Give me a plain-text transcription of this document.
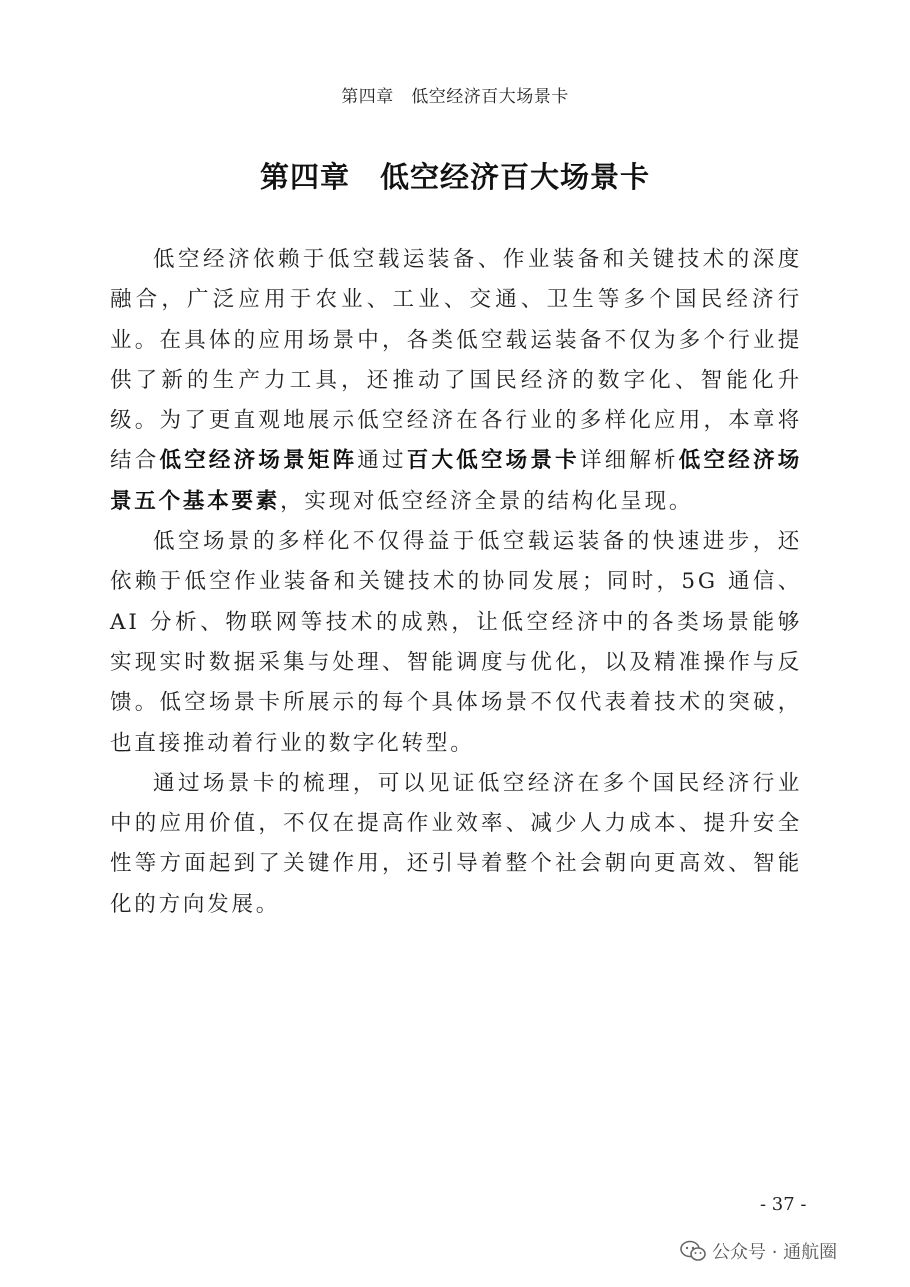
第四章　低空经济百大场景卡
第四章　低空经济百大场景卡

低空经济依赖于低空载运装备、作业装备和关键技术的深度融合，广泛应用于农业、工业、交通、卫生等多个国民经济行业。在具体的应用场景中，各类低空载运装备不仅为多个行业提供了新的生产力工具，还推动了国民经济的数字化、智能化升级。为了更直观地展示低空经济在各行业的多样化应用，本章将结合低空经济场景矩阵通过百大低空场景卡详细解析低空经济场景五个基本要素，实现对低空经济全景的结构化呈现。

低空场景的多样化不仅得益于低空载运装备的快速进步，还依赖于低空作业装备和关键技术的协同发展；同时，5G 通信、AI 分析、物联网等技术的成熟，让低空经济中的各类场景能够实现实时数据采集与处理、智能调度与优化，以及精准操作与反馈。低空场景卡所展示的每个具体场景不仅代表着技术的突破，也直接推动着行业的数字化转型。

通过场景卡的梳理，可以见证低空经济在多个国民经济行业中的应用价值，不仅在提高作业效率、减少人力成本、提升安全性等方面起到了关键作用，还引导着整个社会朝向更高效、智能化的方向发展。

- 37 -
公众号 · 通航圈
